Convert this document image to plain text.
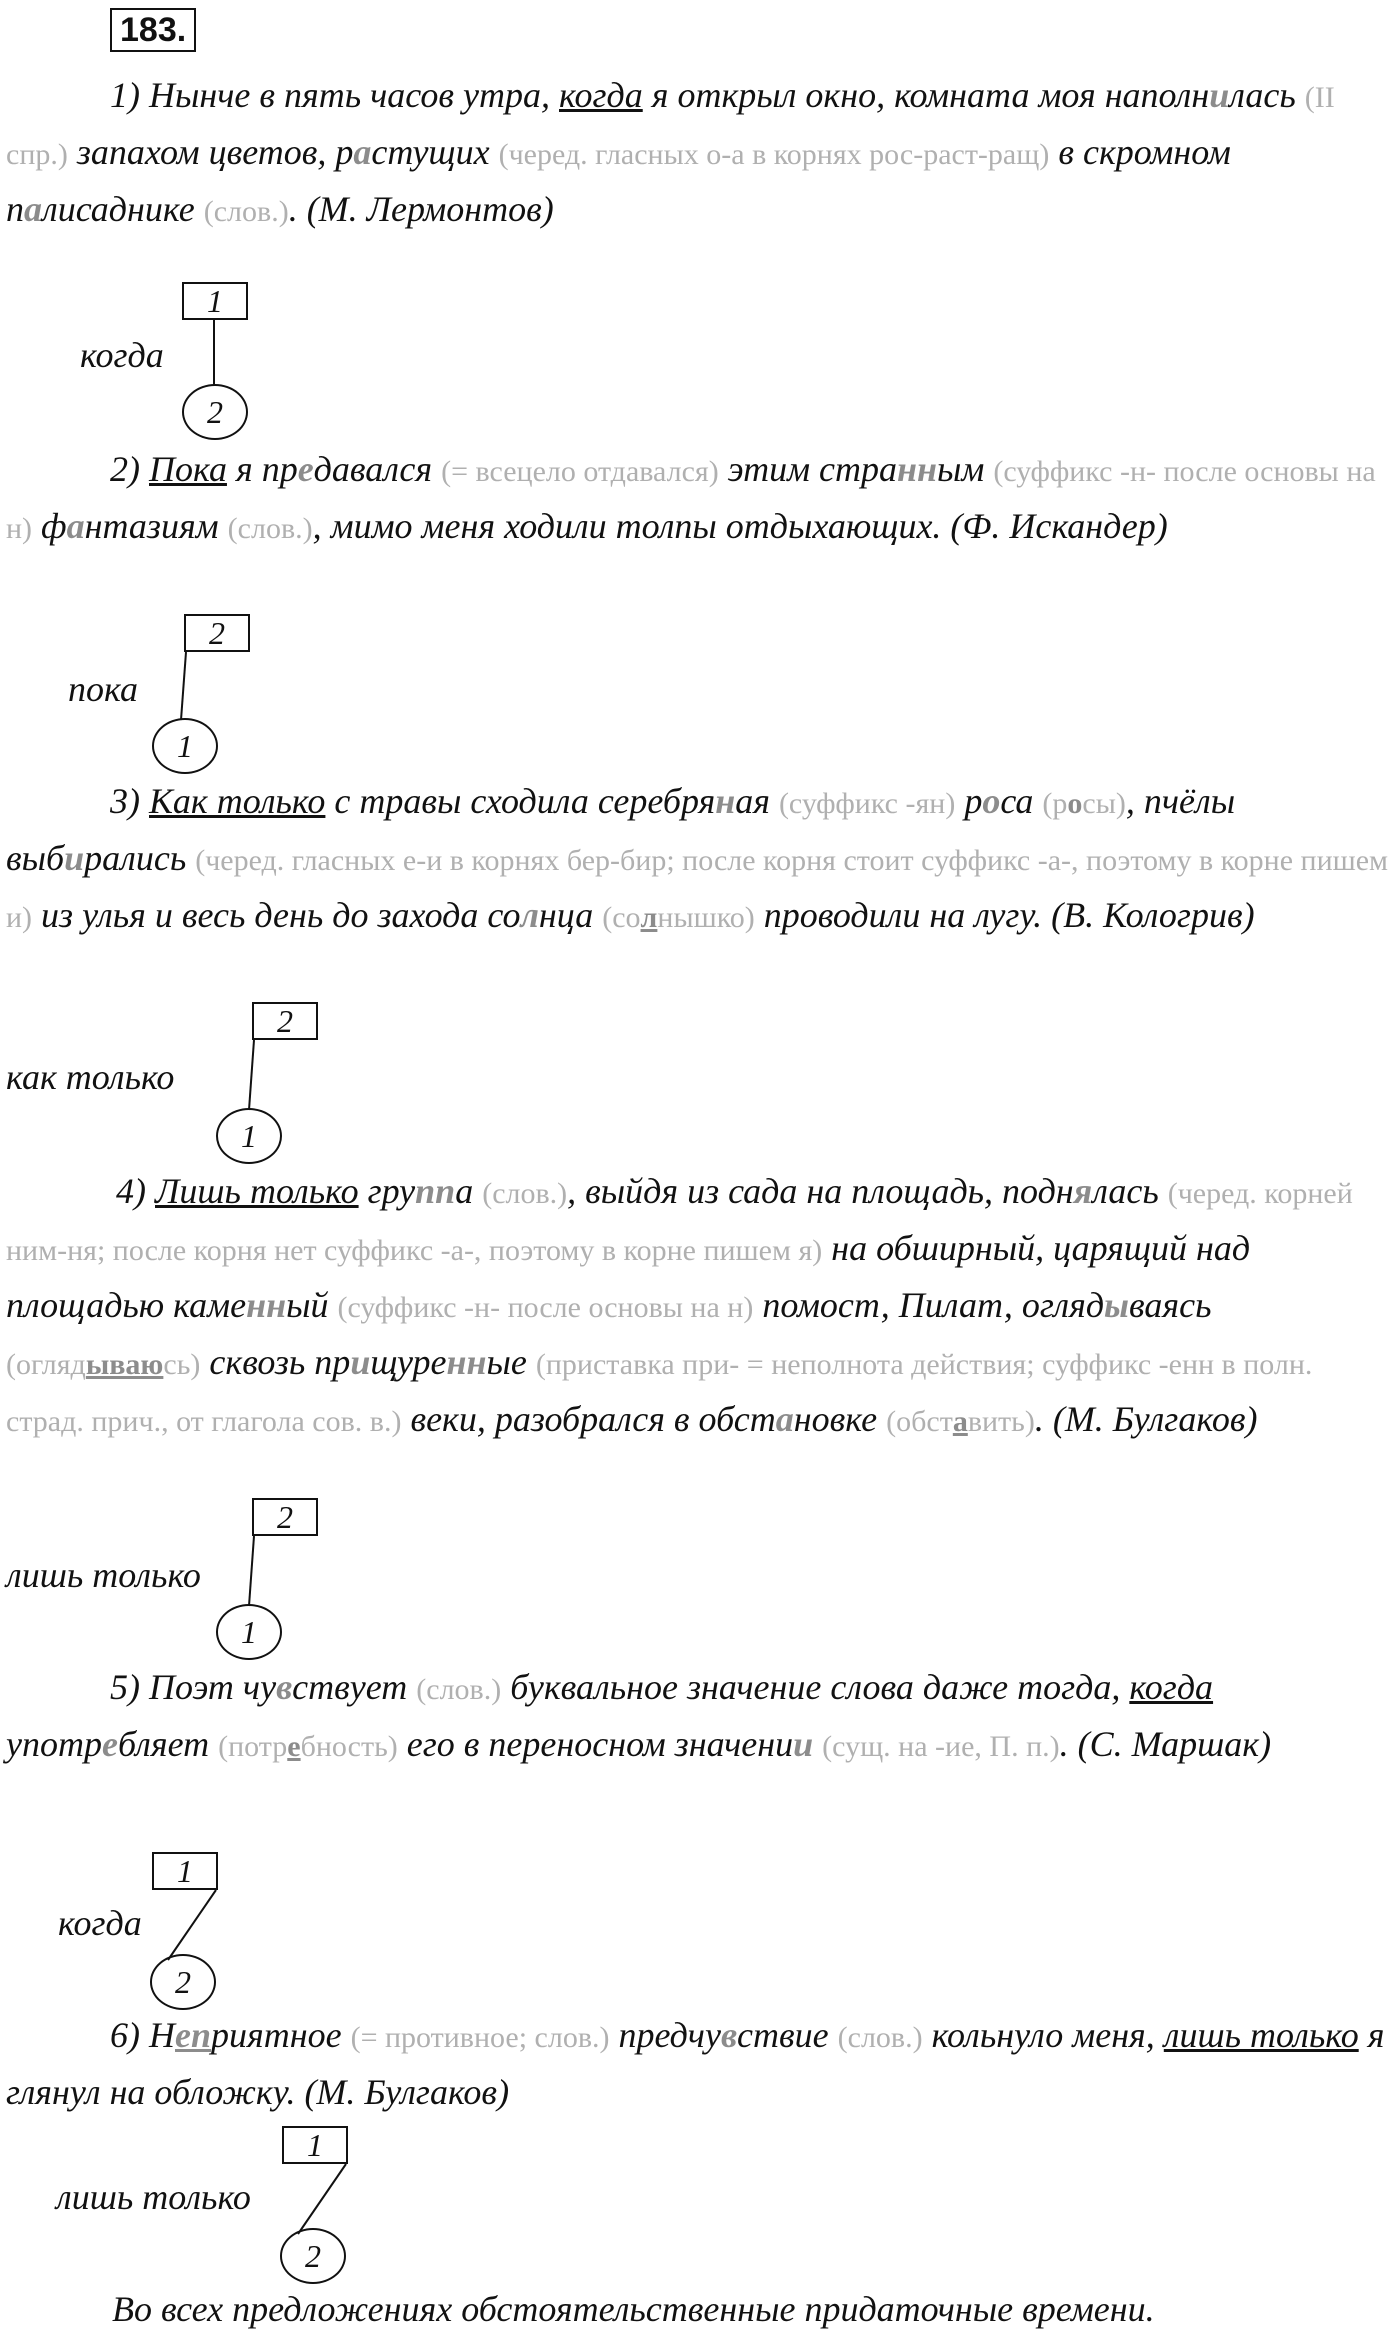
183.

1) Нынче в пять часов утра, когда я открыл окно, комната моя наполнилась (II спр.) запахом цветов, растущих (черед. гласных о-а в корнях рос-раст-ращ) в скромном палисаднике (слов.). (М. Лермонтов)

когда
1
2

2) Пока я предавался (= всецело отдавался) этим странным (суффикс -н- после основы на н) фантазиям (слов.), мимо меня ходили толпы отдыхающих. (Ф. Искандер)

пока
2
1

3) Как только с травы сходила серебряная (суффикс -ян) роса (росы), пчёлы выбирались (черед. гласных е-и в корнях бер-бир; после корня стоит суффикс -а-, поэтому в корне пишем и) из улья и весь день до захода солнца (солнышко) проводили на лугу. (В. Кологрив)

как только
2
1

4) Лишь только группа (слов.), выйдя из сада на площадь, поднялась (черед. корней ним-ня; после корня нет суффикс -а-, поэтому в корне пишем я) на обширный, царящий над площадью каменный (суффикс -н- после основы на н) помост, Пилат, оглядываясь (оглядываюсь) сквозь прищуренные (приставка при- = неполнота действия; суффикс -енн в полн. страд. прич., от глагола сов. в.) веки, разобрался в обстановке (обставить). (М. Булгаков)

лишь только
2
1

5) Поэт чувствует (слов.) буквальное значение слова даже тогда, когда употребляет (потребность) его в переносном значении (сущ. на -ие, П. п.). (С. Маршак)

когда
1
2

6) Неприятное (= противное; слов.) предчувствие (слов.) кольнуло меня, лишь только я глянул на обложку. (М. Булгаков)

лишь только
1
2

Во всех предложениях обстоятельственные придаточные времени.
